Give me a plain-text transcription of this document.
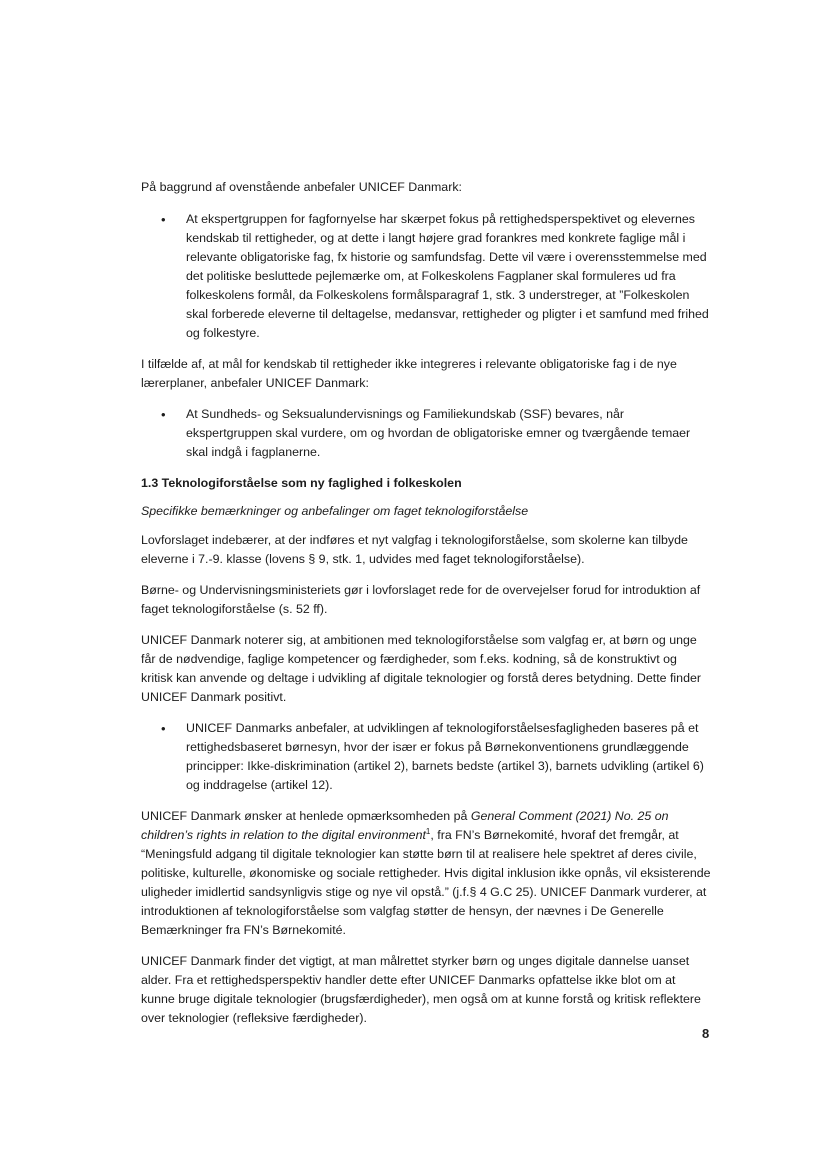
På baggrund af ovenstående anbefaler UNICEF Danmark:

• At ekspertgruppen for fagfornyelse har skærpet fokus på rettighedsperspektivet og elevernes kendskab til rettigheder, og at dette i langt højere grad forankres med konkrete faglige mål i relevante obligatoriske fag, fx historie og samfundsfag. Dette vil være i overensstemmelse med det politiske besluttede pejlemærke om, at Folkeskolens Fagplaner skal formuleres ud fra folkeskolens formål, da Folkeskolens formålsparagraf 1, stk. 3 understreger, at ”Folkeskolen skal forberede eleverne til deltagelse, medansvar, rettigheder og pligter i et samfund med frihed og folkestyre.

I tilfælde af, at mål for kendskab til rettigheder ikke integreres i relevante obligatoriske fag i de nye lærerplaner, anbefaler UNICEF Danmark:

• At Sundheds- og Seksualundervisnings og Familiekundskab (SSF) bevares, når ekspertgruppen skal vurdere, om og hvordan de obligatoriske emner og tværgående temaer skal indgå i fagplanerne.

1.3 Teknologiforståelse som ny faglighed i folkeskolen

Specifikke bemærkninger og anbefalinger om faget teknologiforståelse

Lovforslaget indebærer, at der indføres et nyt valgfag i teknologiforståelse, som skolerne kan tilbyde eleverne i 7.-9. klasse (lovens § 9, stk. 1, udvides med faget teknologiforståelse).

Børne- og Undervisningsministeriets gør i lovforslaget rede for de overvejelser forud for introduktion af faget teknologiforståelse (s. 52 ff).

UNICEF Danmark noterer sig, at ambitionen med teknologiforståelse som valgfag er, at børn og unge får de nødvendige, faglige kompetencer og færdigheder, som f.eks. kodning, så de konstruktivt og kritisk kan anvende og deltage i udvikling af digitale teknologier og forstå deres betydning. Dette finder UNICEF Danmark positivt.

• UNICEF Danmarks anbefaler, at udviklingen af teknologiforståelsesfagligheden baseres på et rettighedsbaseret børnesyn, hvor der især er fokus på Børnekonventionens grundlæggende principper: Ikke-diskrimination (artikel 2), barnets bedste (artikel 3), barnets udvikling (artikel 6) og inddragelse (artikel 12).

UNICEF Danmark ønsker at henlede opmærksomheden på General Comment (2021) No. 25 on children’s rights in relation to the digital environment$^1$, fra FN’s Børnekomité, hvoraf det fremgår, at “Meningsfuld adgang til digitale teknologier kan støtte børn til at realisere hele spektret af deres civile, politiske, kulturelle, økonomiske og sociale rettigheder. Hvis digital inklusion ikke opnås, vil eksisterende uligheder imidlertid sandsynligvis stige og nye vil opstå.” (j.f.§ 4 G.C 25). UNICEF Danmark vurderer, at introduktionen af teknologiforståelse som valgfag støtter de hensyn, der nævnes i De Generelle Bemærkninger fra FN’s Børnekomité.

UNICEF Danmark finder det vigtigt, at man målrettet styrker børn og unges digitale dannelse uanset alder. Fra et rettighedsperspektiv handler dette efter UNICEF Danmarks opfattelse ikke blot om at kunne bruge digitale teknologier (brugsfærdigheder), men også om at kunne forstå og kritisk reflektere over teknologier (refleksive færdigheder).

8
